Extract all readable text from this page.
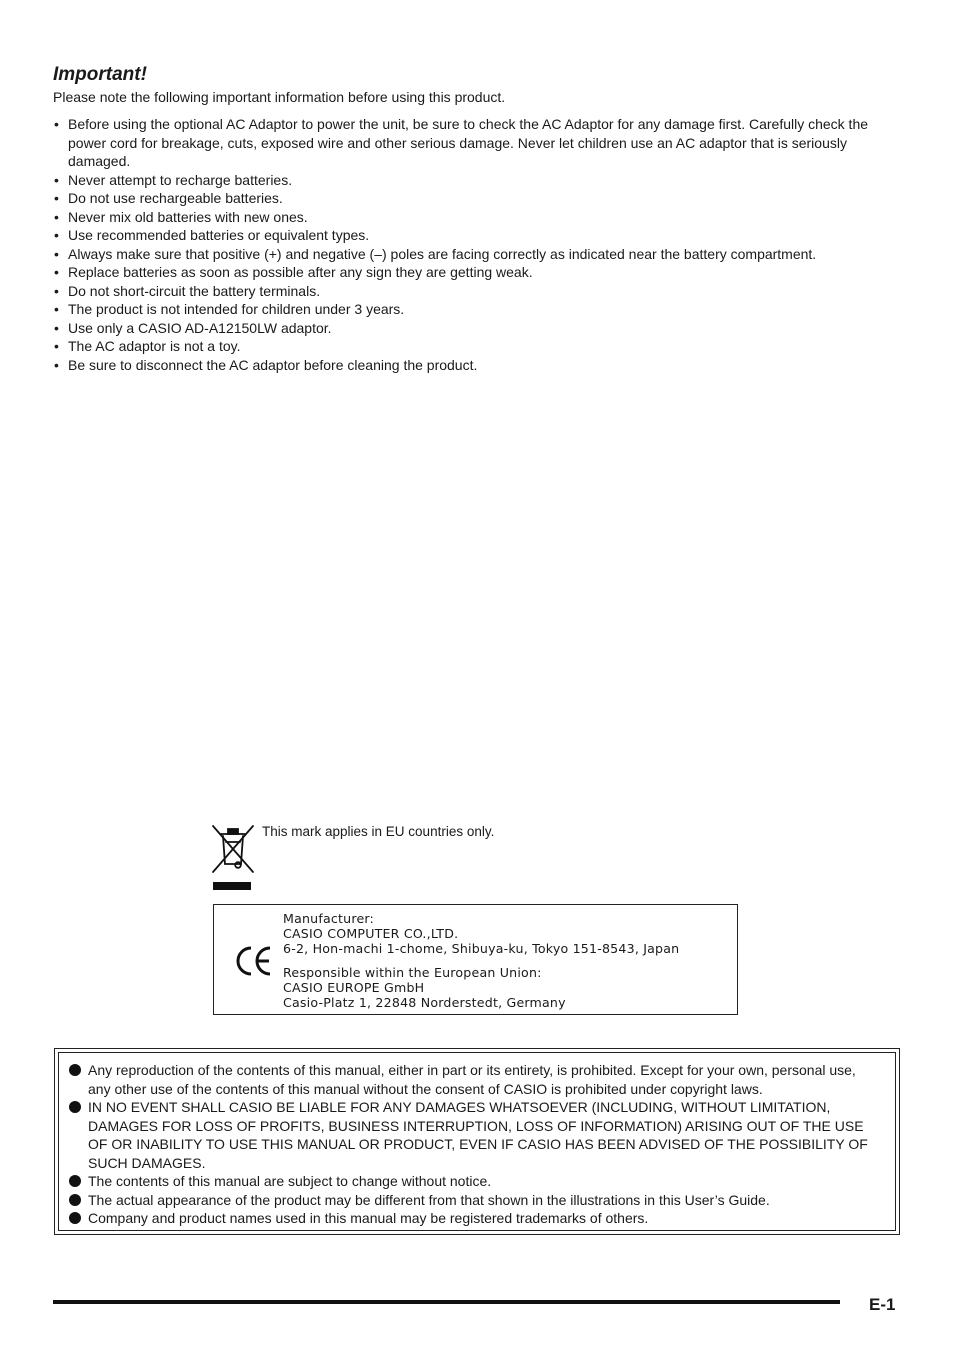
Important!

Please note the following important information before using this product.

• Before using the optional AC Adaptor to power the unit, be sure to check the AC Adaptor for any damage first. Carefully check the power cord for breakage, cuts, exposed wire and other serious damage. Never let children use an AC adaptor that is seriously damaged.
• Never attempt to recharge batteries.
• Do not use rechargeable batteries.
• Never mix old batteries with new ones.
• Use recommended batteries or equivalent types.
• Always make sure that positive (+) and negative (–) poles are facing correctly as indicated near the battery compartment.
• Replace batteries as soon as possible after any sign they are getting weak.
• Do not short-circuit the battery terminals.
• The product is not intended for children under 3 years.
• Use only a CASIO AD-A12150LW adaptor.
• The AC adaptor is not a toy.
• Be sure to disconnect the AC adaptor before cleaning the product.

This mark applies in EU countries only.

Manufacturer:
CASIO COMPUTER CO.,LTD.
6-2, Hon-machi 1-chome, Shibuya-ku, Tokyo 151-8543, Japan
Responsible within the European Union:
CASIO EUROPE GmbH
Casio-Platz 1, 22848 Norderstedt, Germany
Any reproduction of the contents of this manual, either in part or its entirety, is prohibited. Except for your own, personal use, any other use of the contents of this manual without the consent of CASIO is prohibited under copyright laws.
IN NO EVENT SHALL CASIO BE LIABLE FOR ANY DAMAGES WHATSOEVER (INCLUDING, WITHOUT LIMITATION, DAMAGES FOR LOSS OF PROFITS, BUSINESS INTERRUPTION, LOSS OF INFORMATION) ARISING OUT OF THE USE OF OR INABILITY TO USE THIS MANUAL OR PRODUCT, EVEN IF CASIO HAS BEEN ADVISED OF THE POSSIBILITY OF SUCH DAMAGES.
The contents of this manual are subject to change without notice.
The actual appearance of the product may be different from that shown in the illustrations in this User’s Guide.
Company and product names used in this manual may be registered trademarks of others.

E-1
